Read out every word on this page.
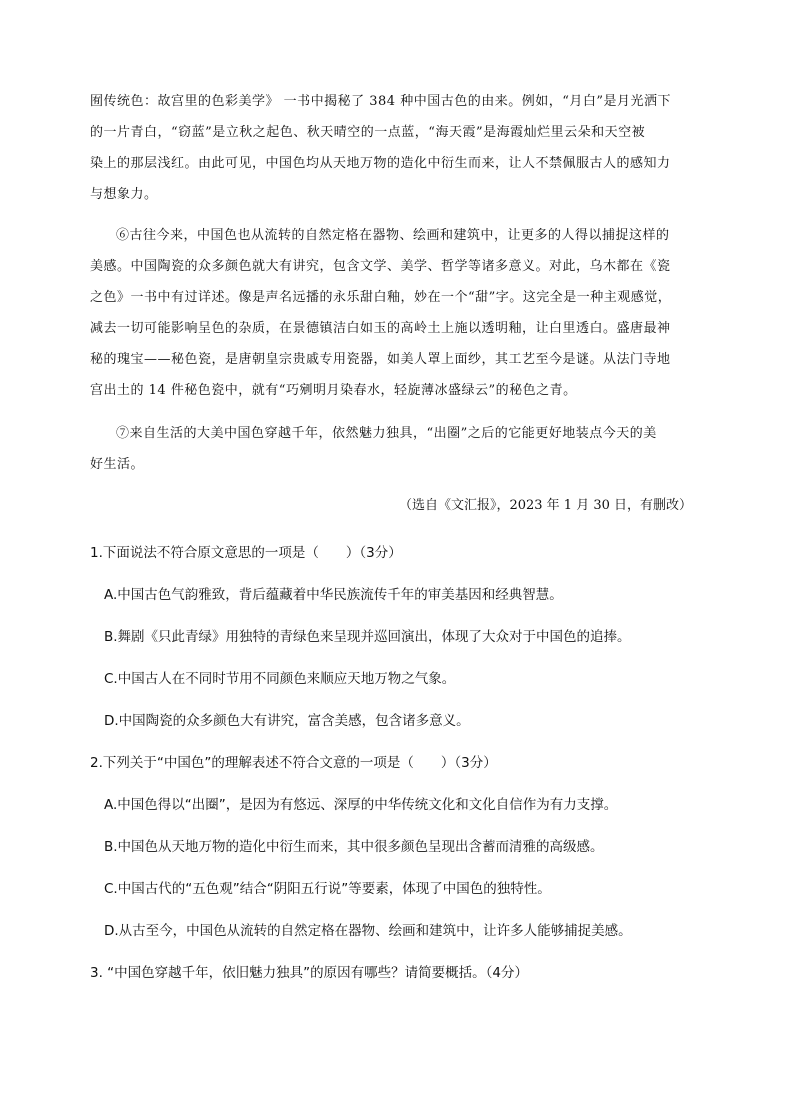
囿传统色：故宫里的色彩美学》 一书中揭秘了 384 种中国古色的由来。例如，“月白”是月光洒下
的一片青白，“窃蓝”是立秋之起色、秋天晴空的一点蓝，“海天霞”是海霞灿烂里云朵和天空被
染上的那层浅红。由此可见，中国色均从天地万物的造化中衍生而来，让人不禁佩服古人的感知力
与想象力。

⑥古往今来，中国色也从流转的自然定格在器物、绘画和建筑中，让更多的人得以捕捉这样的
美感。中国陶瓷的众多颜色就大有讲究，包含文学、美学、哲学等诸多意义。对此，乌木都在《瓷
之色》一书中有过详述。像是声名远播的永乐甜白釉，妙在一个“甜”字。这完全是一种主观感觉，
减去一切可能影响呈色的杂质，在景德镇洁白如玉的高岭土上施以透明釉，让白里透白。盛唐最神
秘的瑰宝——秘色瓷，是唐朝皇宗贵戚专用瓷器，如美人罩上面纱，其工艺至今是谜。从法门寺地
宫出土的 14 件秘色瓷中，就有“巧剜明月染春水，轻旋薄冰盛绿云”的秘色之青。

⑦来自生活的大美中国色穿越千年，依然魅力独具，“出圈”之后的它能更好地装点今天的美
好生活。

（选自《文汇报》，2023 年 1 月 30 日，有删改）
1.下面说法不符合原文意思的一项是（　　）（3分）
A.中国古色气韵雅致，背后蕴藏着中华民族流传千年的审美基因和经典智慧。
B.舞剧《只此青绿》用独特的青绿色来呈现并巡回演出，体现了大众对于中国色的追捧。
C.中国古人在不同时节用不同颜色来顺应天地万物之气象。
D.中国陶瓷的众多颜色大有讲究，富含美感，包含诸多意义。
2.下列关于“中国色”的理解表述不符合文意的一项是（　　）（3分）
A.中国色得以“出圈”，是因为有悠远、深厚的中华传统文化和文化自信作为有力支撑。
B.中国色从天地万物的造化中衍生而来，其中很多颜色呈现出含蓄而清雅的高级感。
C.中国古代的“五色观”结合“阴阳五行说”等要素，体现了中国色的独特性。
D.从古至今，中国色从流转的自然定格在器物、绘画和建筑中，让许多人能够捕捉美感。
3. “中国色穿越千年，依旧魅力独具”的原因有哪些？请简要概括。（4分）
